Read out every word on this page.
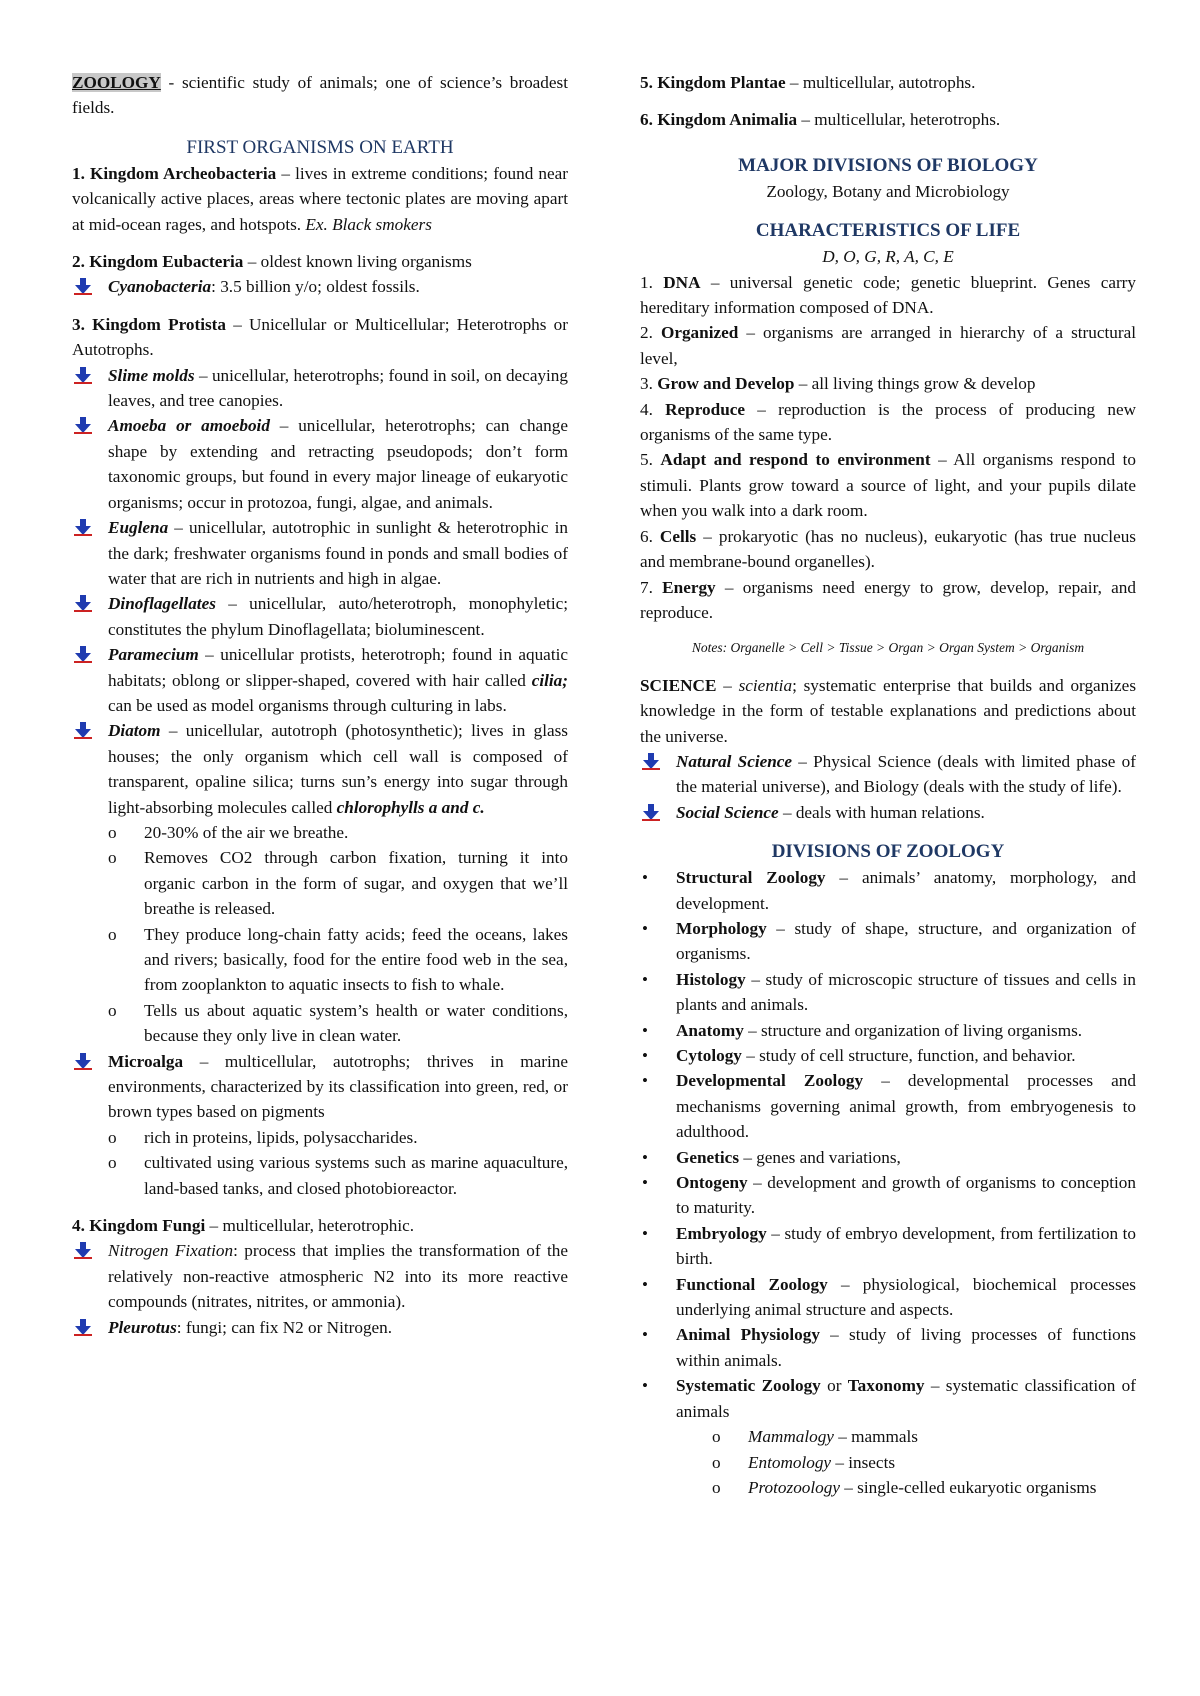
ZOOLOGY - scientific study of animals; one of science’s broadest fields.

FIRST ORGANISMS ON EARTH

1. Kingdom Archeobacteria – lives in extreme conditions; found near volcanically active places, areas where tectonic plates are moving apart at mid-ocean rages, and hotspots. Ex. Black smokers

2. Kingdom Eubacteria – oldest known living organisms

Cyanobacteria: 3.5 billion y/o; oldest fossils.

3. Kingdom Protista – Unicellular or Multicellular; Heterotrophs or Autotrophs.

Slime molds – unicellular, heterotrophs; found in soil, on decaying leaves, and tree canopies.
Amoeba or amoeboid – unicellular, heterotrophs; can change shape by extending and retracting pseudopods; don’t form taxonomic groups, but found in every major lineage of eukaryotic organisms; occur in protozoa, fungi, algae, and animals.
Euglena – unicellular, autotrophic in sunlight & heterotrophic in the dark; freshwater organisms found in ponds and small bodies of water that are rich in nutrients and high in algae.
Dinoflagellates – unicellular, auto/heterotroph, monophyletic; constitutes the phylum Dinoflagellata; bioluminescent.
Paramecium – unicellular protists, heterotroph; found in aquatic habitats; oblong or slipper-shaped, covered with hair called cilia; can be used as model organisms through culturing in labs.
Diatom – unicellular, autotroph (photosynthetic); lives in glass houses; the only organism which cell wall is composed of transparent, opaline silica; turns sun’s energy into sugar through light-absorbing molecules called chlorophylls a and c.
o 20-30% of the air we breathe.
o Removes CO2 through carbon fixation, turning it into organic carbon in the form of sugar, and oxygen that we’ll breathe is released.
o They produce long-chain fatty acids; feed the oceans, lakes and rivers; basically, food for the entire food web in the sea, from zooplankton to aquatic insects to fish to whale.
o Tells us about aquatic system’s health or water conditions, because they only live in clean water.
Microalga – multicellular, autotrophs; thrives in marine environments, characterized by its classification into green, red, or brown types based on pigments
o rich in proteins, lipids, polysaccharides.
o cultivated using various systems such as marine aquaculture, land-based tanks, and closed photobioreactor.

4. Kingdom Fungi – multicellular, heterotrophic.

Nitrogen Fixation: process that implies the transformation of the relatively non-reactive atmospheric N2 into its more reactive compounds (nitrates, nitrites, or ammonia).
Pleurotus: fungi; can fix N2 or Nitrogen.

5. Kingdom Plantae – multicellular, autotrophs.

6. Kingdom Animalia – multicellular, heterotrophs.

MAJOR DIVISIONS OF BIOLOGY

Zoology, Botany and Microbiology

CHARACTERISTICS OF LIFE

D, O, G, R, A, C, E

1. DNA – universal genetic code; genetic blueprint. Genes carry hereditary information composed of DNA.

2. Organized – organisms are arranged in hierarchy of a structural level,

3. Grow and Develop – all living things grow & develop

4. Reproduce – reproduction is the process of producing new organisms of the same type.

5. Adapt and respond to environment – All organisms respond to stimuli. Plants grow toward a source of light, and your pupils dilate when you walk into a dark room.

6. Cells – prokaryotic (has no nucleus), eukaryotic (has true nucleus and membrane-bound organelles).

7. Energy – organisms need energy to grow, develop, repair, and reproduce.

Notes: Organelle > Cell > Tissue > Organ > Organ System > Organism

SCIENCE – scientia; systematic enterprise that builds and organizes knowledge in the form of testable explanations and predictions about the universe.

Natural Science – Physical Science (deals with limited phase of the material universe), and Biology (deals with the study of life).
Social Science – deals with human relations.
DIVISIONS OF ZOOLOGY
• Structural Zoology – animals’ anatomy, morphology, and development.
• Morphology – study of shape, structure, and organization of organisms.
• Histology – study of microscopic structure of tissues and cells in plants and animals.
• Anatomy – structure and organization of living organisms.
• Cytology – study of cell structure, function, and behavior.
• Developmental Zoology – developmental processes and mechanisms governing animal growth, from embryogenesis to adulthood.
• Genetics – genes and variations,
• Ontogeny – development and growth of organisms to conception to maturity.
• Embryology – study of embryo development, from fertilization to birth.
• Functional Zoology – physiological, biochemical processes underlying animal structure and aspects.
• Animal Physiology – study of living processes of functions within animals.
• Systematic Zoology or Taxonomy – systematic classification of animals
o Mammalogy – mammals
o Entomology – insects
o Protozoology – single-celled eukaryotic organisms
